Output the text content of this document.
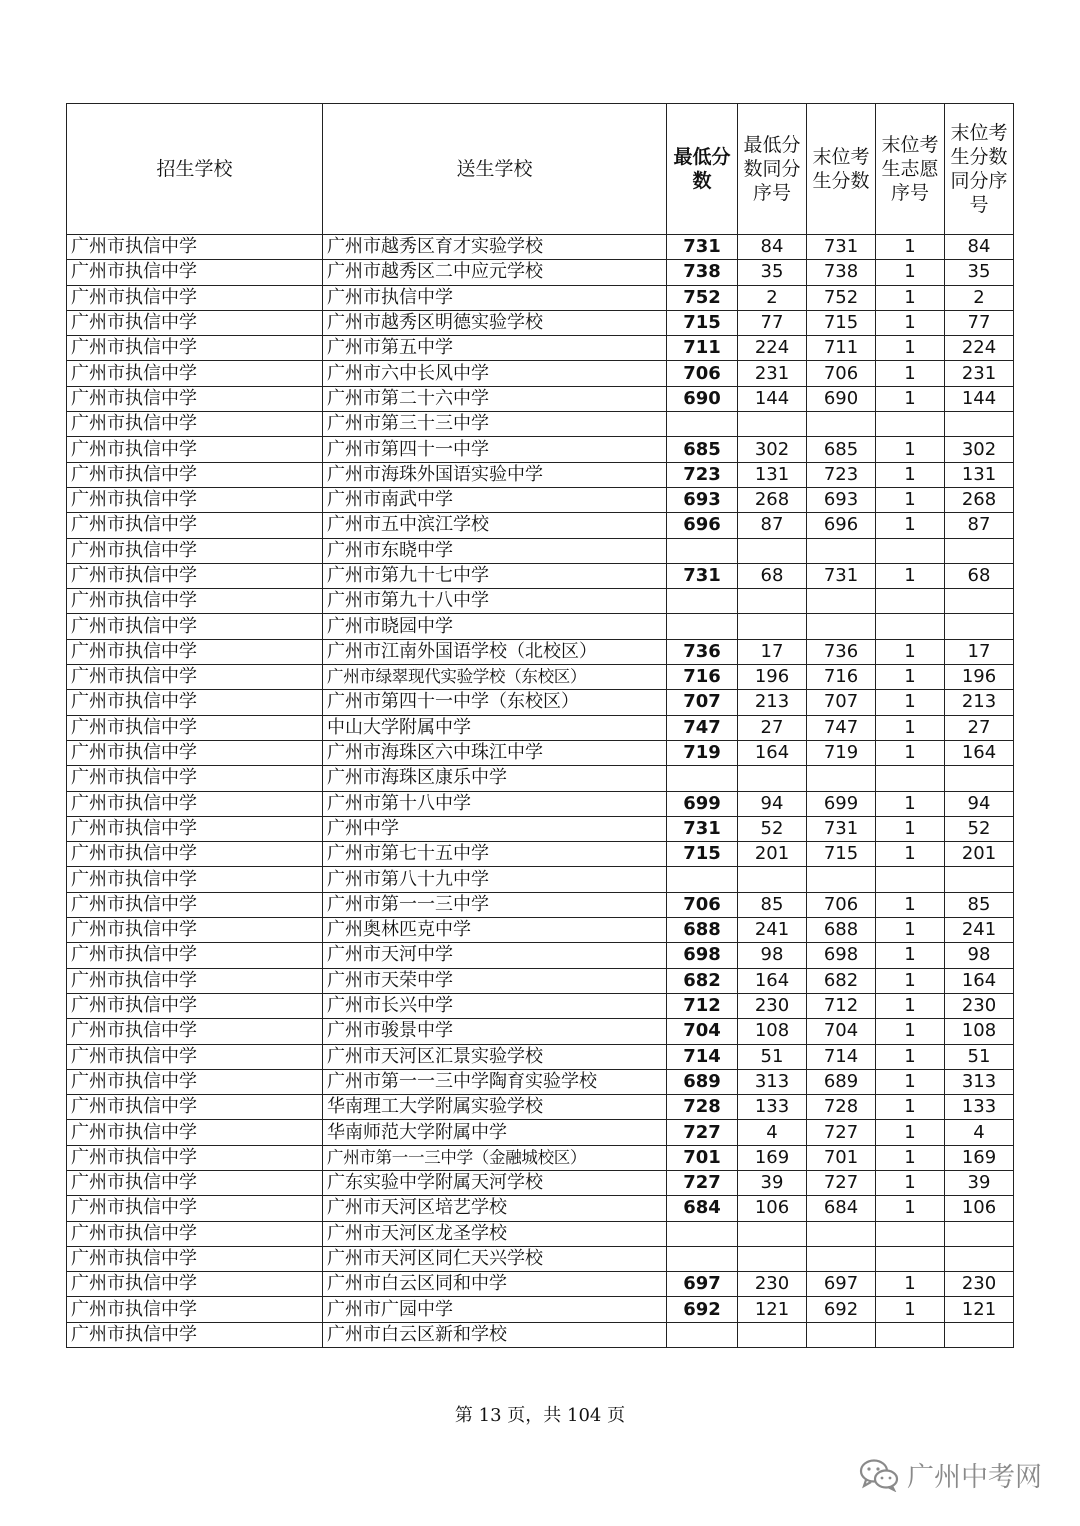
招生学校	送生学校	最低分数	最低分数同分序号	末位考生分数	末位考生志愿序号	末位考生分数同分序号
广州市执信中学	广州市越秀区育才实验学校	731	84	731	1	84
广州市执信中学	广州市越秀区二中应元学校	738	35	738	1	35
广州市执信中学	广州市执信中学	752	2	752	1	2
广州市执信中学	广州市越秀区明德实验学校	715	77	715	1	77
广州市执信中学	广州市第五中学	711	224	711	1	224
广州市执信中学	广州市六中长风中学	706	231	706	1	231
广州市执信中学	广州市第二十六中学	690	144	690	1	144
广州市执信中学	广州市第三十三中学					
广州市执信中学	广州市第四十一中学	685	302	685	1	302
广州市执信中学	广州市海珠外国语实验中学	723	131	723	1	131
广州市执信中学	广州市南武中学	693	268	693	1	268
广州市执信中学	广州市五中滨江学校	696	87	696	1	87
广州市执信中学	广州市东晓中学					
广州市执信中学	广州市第九十七中学	731	68	731	1	68
广州市执信中学	广州市第九十八中学					
广州市执信中学	广州市晓园中学					
广州市执信中学	广州市江南外国语学校（北校区）	736	17	736	1	17
广州市执信中学	广州市绿翠现代实验学校（东校区）	716	196	716	1	196
广州市执信中学	广州市第四十一中学（东校区）	707	213	707	1	213
广州市执信中学	中山大学附属中学	747	27	747	1	27
广州市执信中学	广州市海珠区六中珠江中学	719	164	719	1	164
广州市执信中学	广州市海珠区康乐中学					
广州市执信中学	广州市第十八中学	699	94	699	1	94
广州市执信中学	广州中学	731	52	731	1	52
广州市执信中学	广州市第七十五中学	715	201	715	1	201
广州市执信中学	广州市第八十九中学					
广州市执信中学	广州市第一一三中学	706	85	706	1	85
广州市执信中学	广州奥林匹克中学	688	241	688	1	241
广州市执信中学	广州市天河中学	698	98	698	1	98
广州市执信中学	广州市天荣中学	682	164	682	1	164
广州市执信中学	广州市长兴中学	712	230	712	1	230
广州市执信中学	广州市骏景中学	704	108	704	1	108
广州市执信中学	广州市天河区汇景实验学校	714	51	714	1	51
广州市执信中学	广州市第一一三中学陶育实验学校	689	313	689	1	313
广州市执信中学	华南理工大学附属实验学校	728	133	728	1	133
广州市执信中学	华南师范大学附属中学	727	4	727	1	4
广州市执信中学	广州市第一一三中学（金融城校区）	701	169	701	1	169
广州市执信中学	广东实验中学附属天河学校	727	39	727	1	39
广州市执信中学	广州市天河区培艺学校	684	106	684	1	106
广州市执信中学	广州市天河区龙圣学校					
广州市执信中学	广州市天河区同仁天兴学校					
广州市执信中学	广州市白云区同和中学	697	230	697	1	230
广州市执信中学	广州市广园中学	692	121	692	1	121
广州市执信中学	广州市白云区新和学校					
第 13 页，共 104 页
广州中考网
